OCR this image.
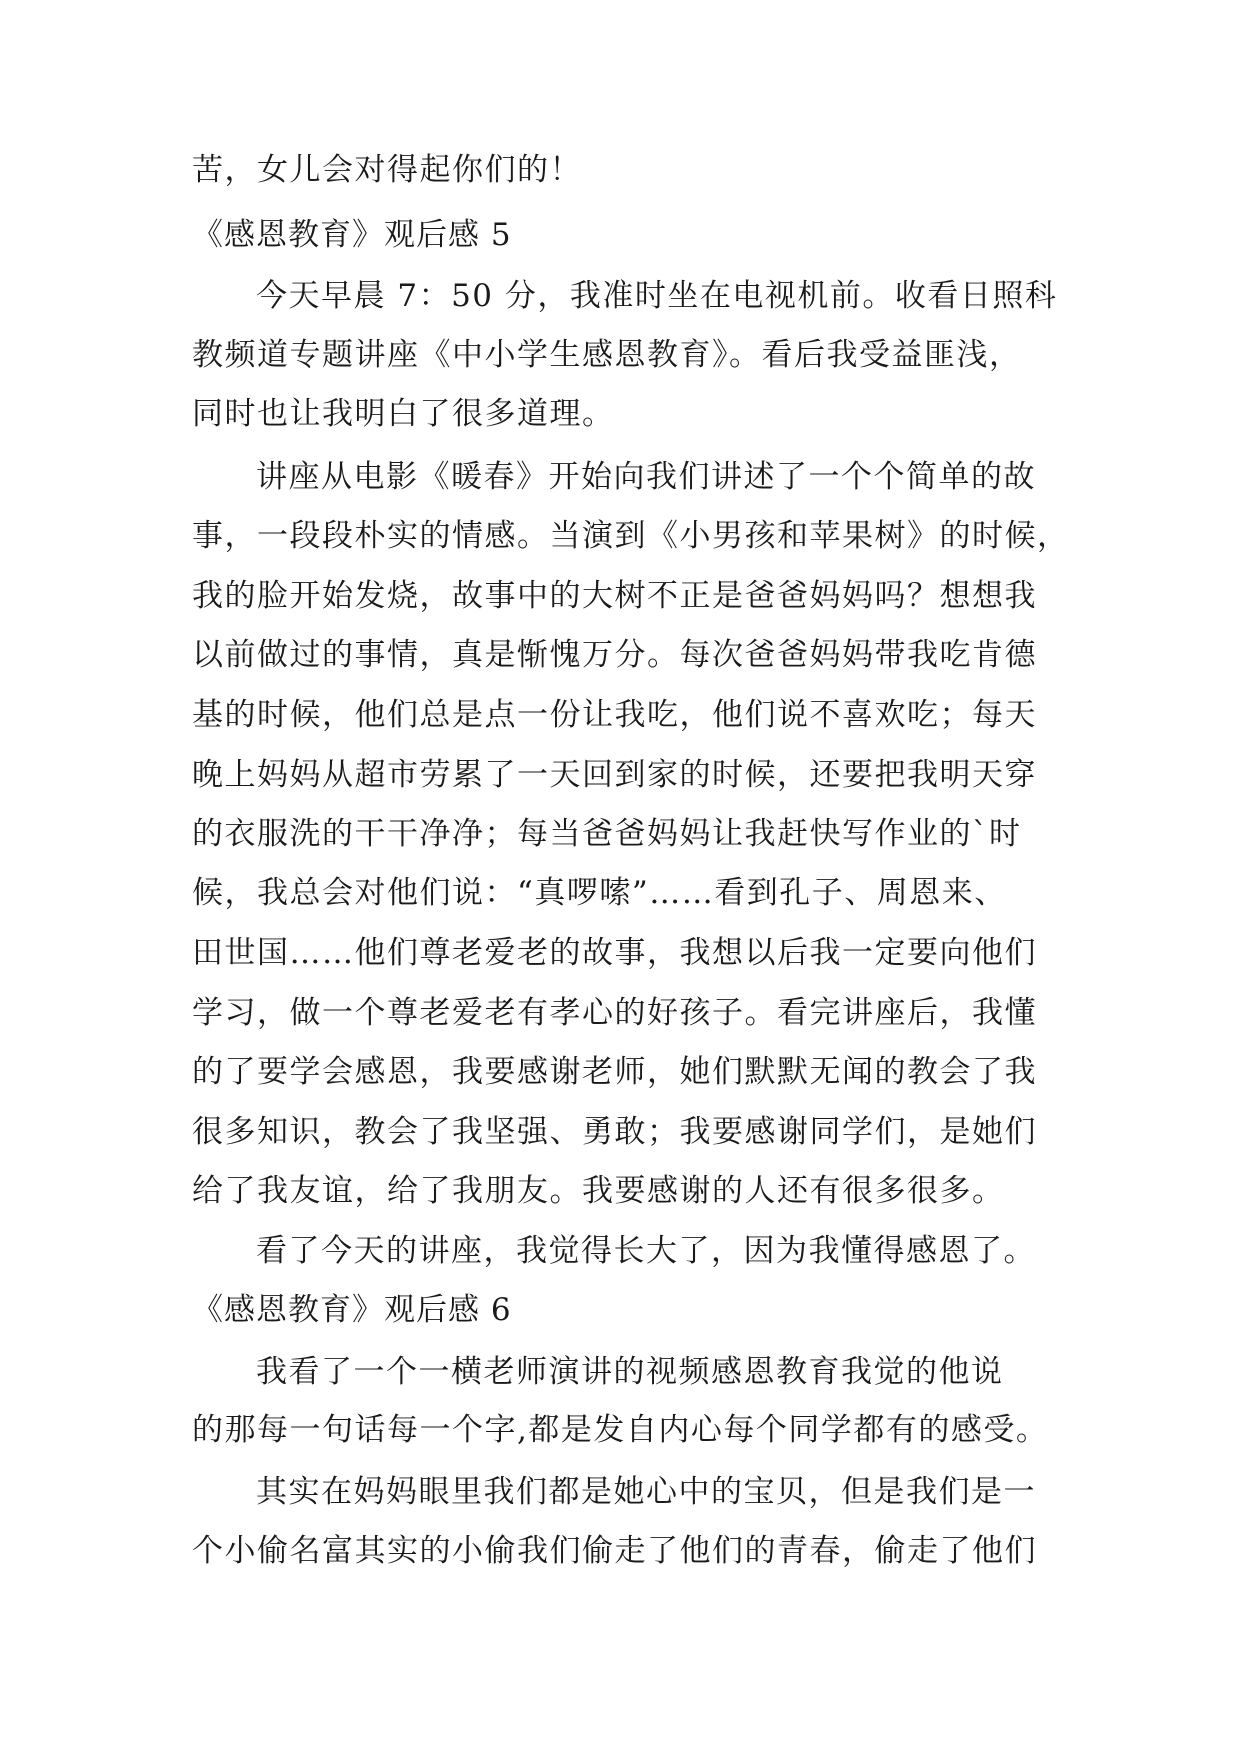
苦，女儿会对得起你们的！
《感恩教育》观后感 5
今天早晨 7：50 分，我准时坐在电视机前。收看日照科
教频道专题讲座《中小学生感恩教育》。看后我受益匪浅，
同时也让我明白了很多道理。
讲座从电影《暖春》开始向我们讲述了一个个简单的故
事，一段段朴实的情感。当演到《小男孩和苹果树》的时候，
我的脸开始发烧，故事中的大树不正是爸爸妈妈吗？想想我
以前做过的事情，真是惭愧万分。每次爸爸妈妈带我吃肯德
基的时候，他们总是点一份让我吃，他们说不喜欢吃；每天
晚上妈妈从超市劳累了一天回到家的时候，还要把我明天穿
的衣服洗的干干净净；每当爸爸妈妈让我赶快写作业的`时
候，我总会对他们说：“真啰嗦”……看到孔子、周恩来、
田世国……他们尊老爱老的故事，我想以后我一定要向他们
学习，做一个尊老爱老有孝心的好孩子。看完讲座后，我懂
的了要学会感恩，我要感谢老师，她们默默无闻的教会了我
很多知识，教会了我坚强、勇敢；我要感谢同学们，是她们
给了我友谊，给了我朋友。我要感谢的人还有很多很多。
看了今天的讲座，我觉得长大了，因为我懂得感恩了。
《感恩教育》观后感 6
我看了一个一横老师演讲的视频感恩教育我觉的他说
的那每一句话每一个字,都是发自内心每个同学都有的感受。
其实在妈妈眼里我们都是她心中的宝贝，但是我们是一
个小偷名富其实的小偷我们偷走了他们的青春，偷走了他们
